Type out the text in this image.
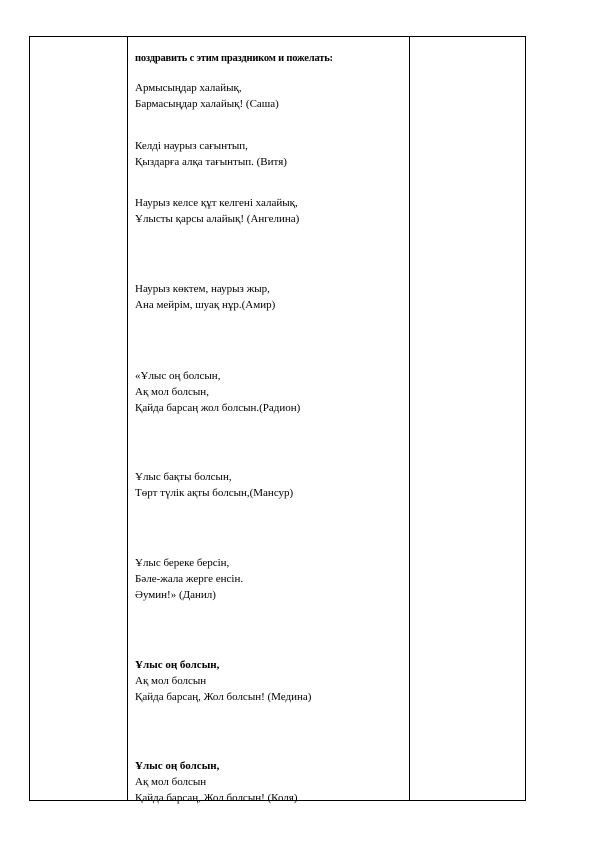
поздравить с этим праздником и пожелать:
Армысыңдар халайық,
Бармасыңдар халайық! (Саша)
Келді наурыз сағынтып,
Қыздарға алқа тағынтып. (Витя)
Наурыз келсе құт келгені халайық,
Ұлысты қарсы алайық! (Ангелина)
Наурыз көктем, наурыз жыр,
Ана мейрім, шуақ нұр.(Амир)
«Ұлыс оң болсын,
Ақ мол болсын,
Қайда барсаң жол болсын.(Радион)
Ұлыс бақты болсын,
Төрт түлік ақты болсын,(Мансур)
Ұлыс береке берсін,
Бәле-жала жерге енсін.
Әумин!» (Данил)
Ұлыс оң болсын,
Ақ мол болсын
Қайда барсаң, Жол болсын! (Медина)
Ұлыс оң болсын,
Ақ мол болсын
Қайда барсаң, Жол болсын! (Коля)
